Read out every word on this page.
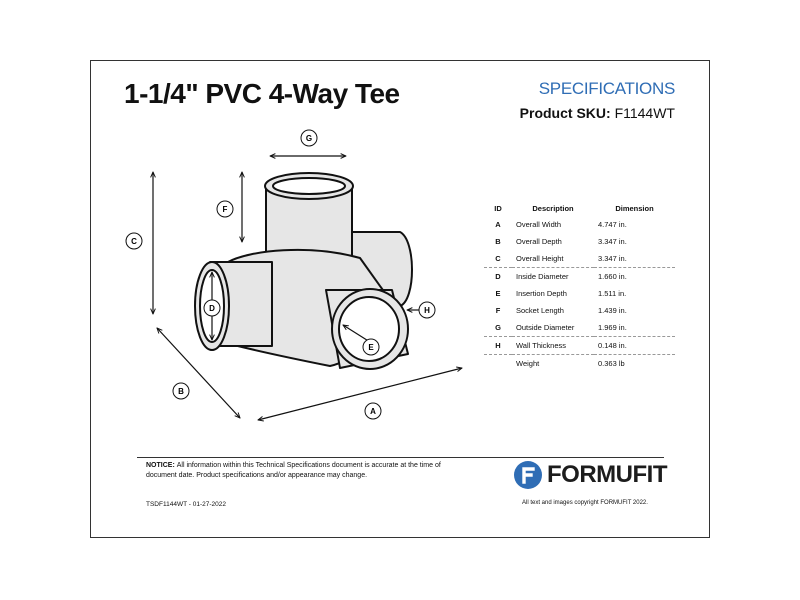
1-1/4" PVC 4-Way Tee	SPECIFICATIONS
Product SKU: F1144WT
G
F
C
D
B
A
E
H
ID	Description	Dimension
A	Overall Width	4.747 in.
B	Overall Depth	3.347 in.
C	Overall Height	3.347 in.
D	Inside Diameter	1.660 in.
E	Insertion Depth	1.511 in.
F	Socket Length	1.439 in.
G	Outside Diameter	1.969 in.
H	Wall Thickness	0.148 in.
	Weight	0.363 lb
NOTICE: All information within this Technical Specifications document is accurate at the time of document date. Product specifications and/or appearance may change.
TSDF1144WT - 01-27-2022
FORMUFIT
All text and images copyright FORMUFIT 2022.
